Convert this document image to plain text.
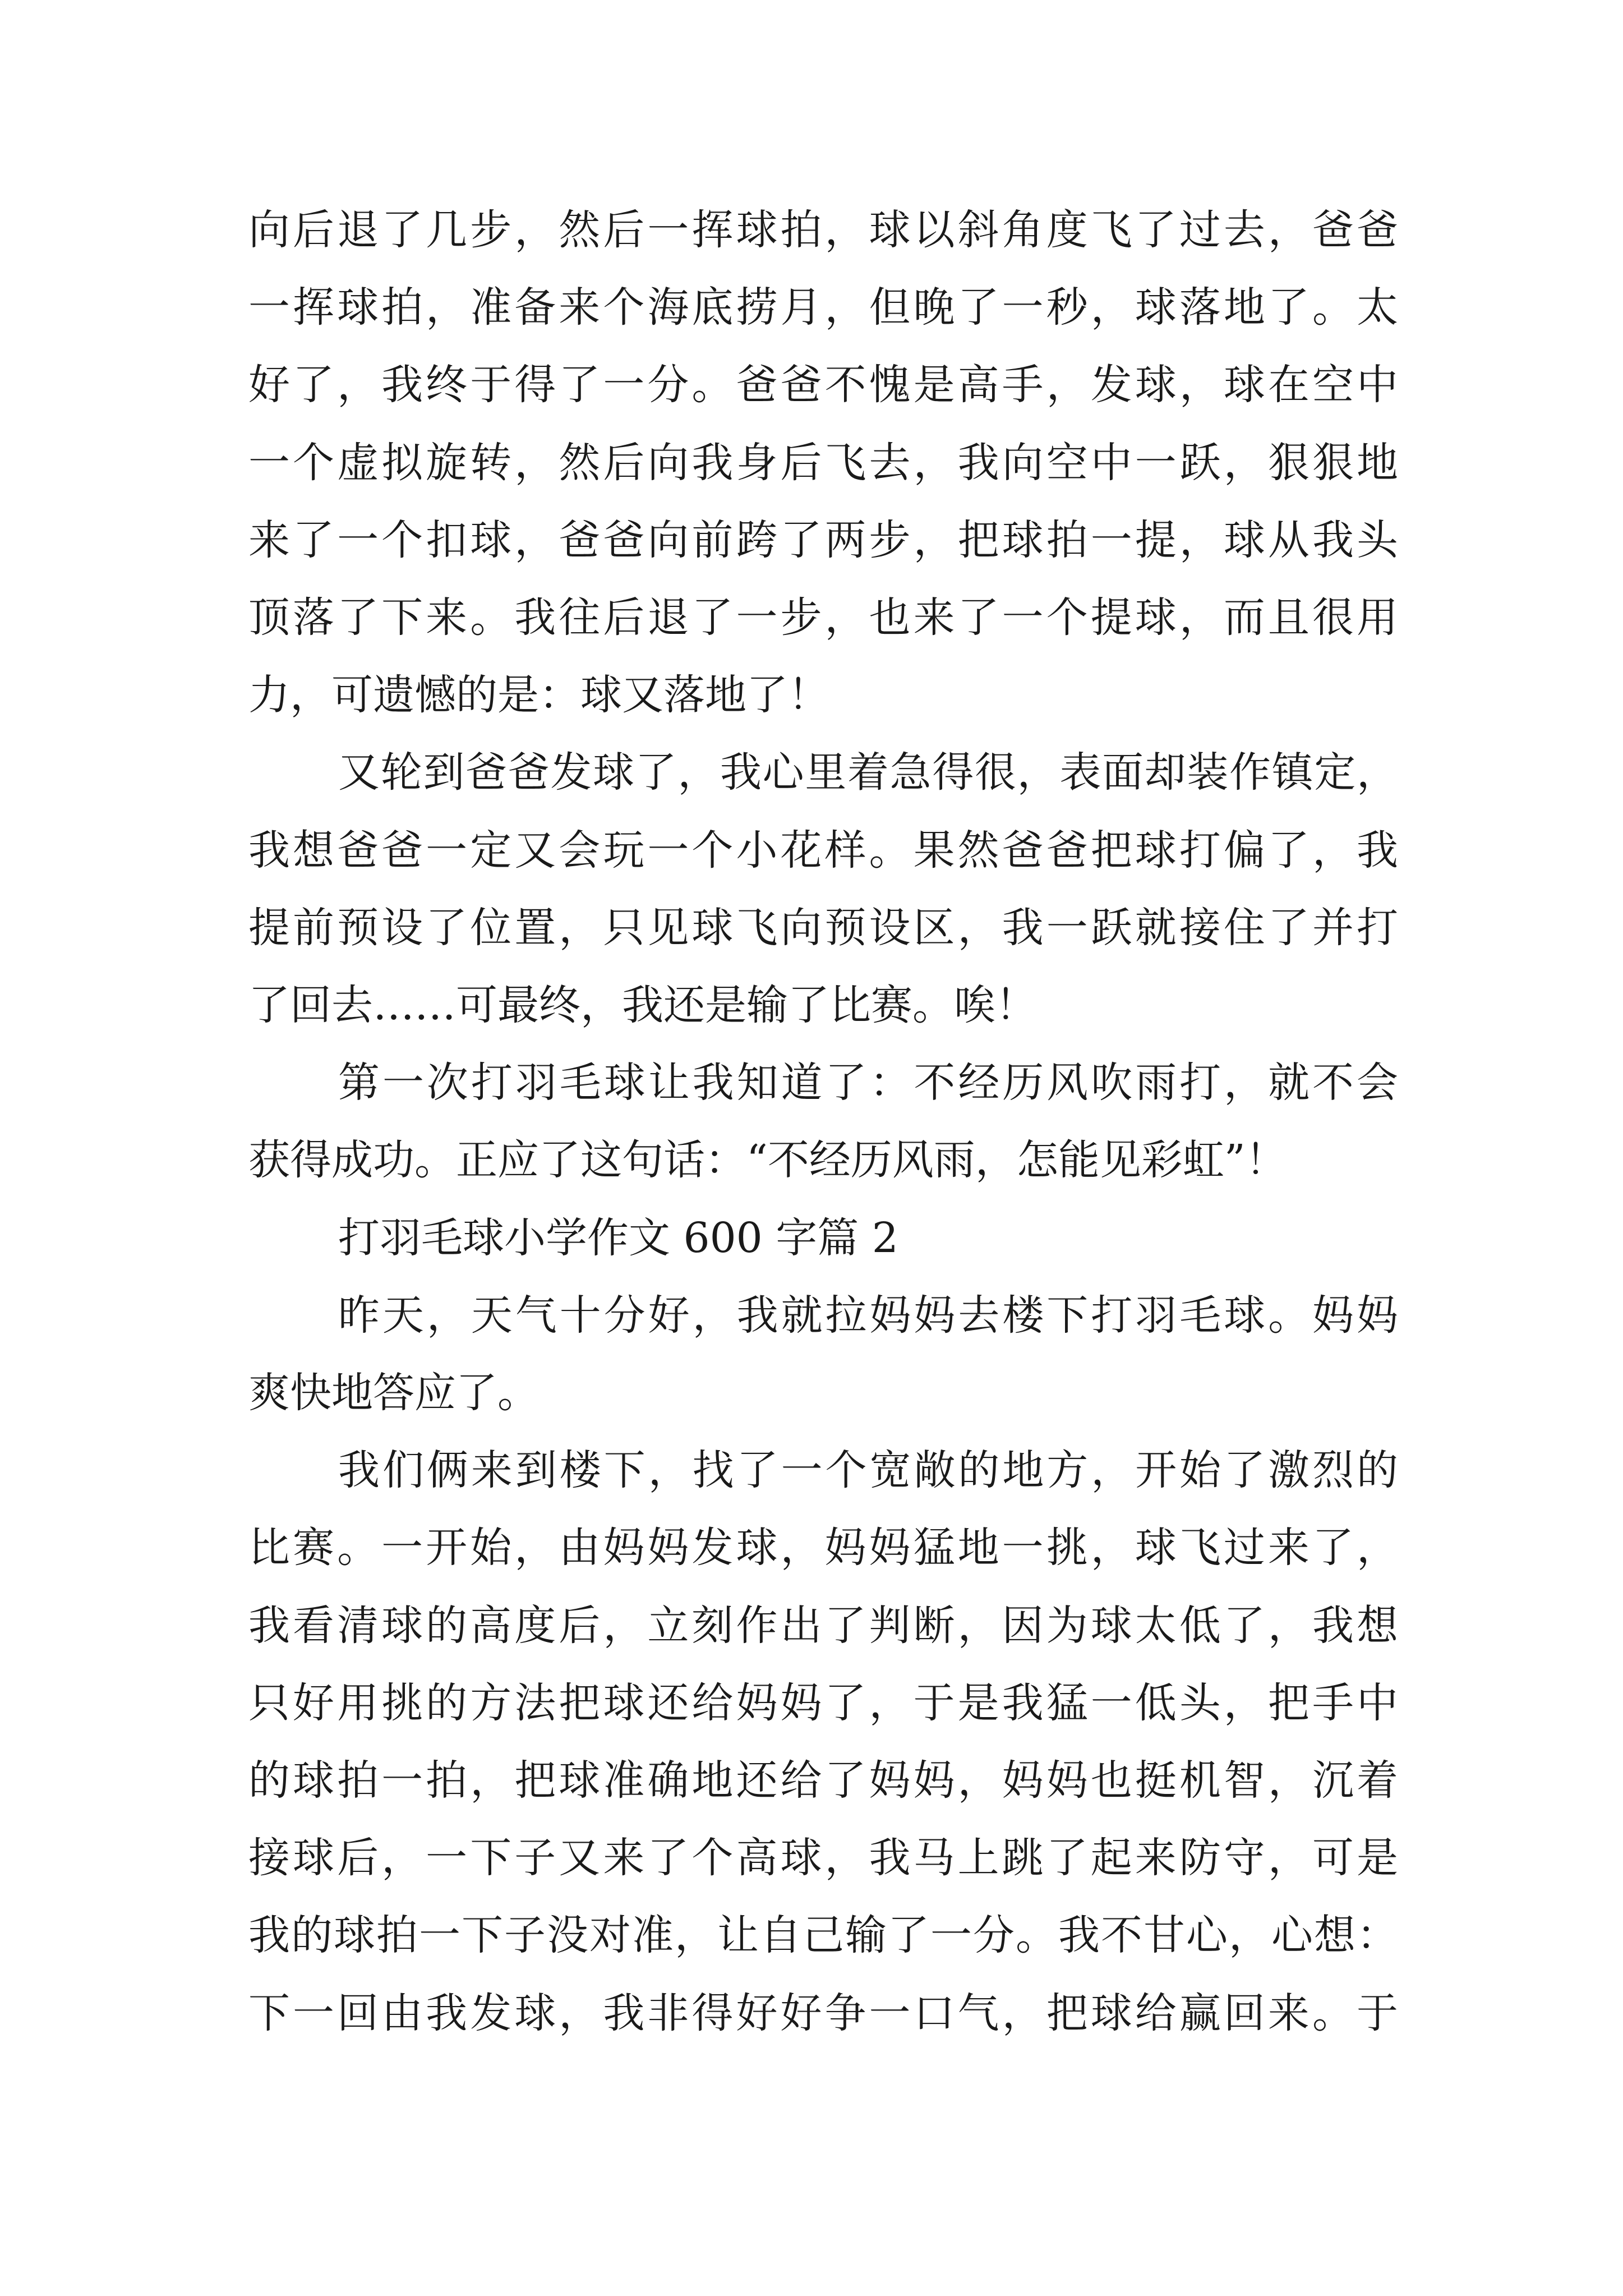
向后退了几步，然后一挥球拍，球以斜角度飞了过去，爸爸

一挥球拍，准备来个海底捞月，但晚了一秒，球落地了。太

好了，我终于得了一分。爸爸不愧是高手，发球，球在空中

一个虚拟旋转，然后向我身后飞去，我向空中一跃，狠狠地

来了一个扣球，爸爸向前跨了两步，把球拍一提，球从我头

顶落了下来。我往后退了一步，也来了一个提球，而且很用

力，可遗憾的是：球又落地了！

又轮到爸爸发球了，我心里着急得很，表面却装作镇定，

我想爸爸一定又会玩一个小花样。果然爸爸把球打偏了，我

提前预设了位置，只见球飞向预设区，我一跃就接住了并打

了回去……可最终，我还是输了比赛。唉！

第一次打羽毛球让我知道了：不经历风吹雨打，就不会

获得成功。正应了这句话：“不经历风雨，怎能见彩虹”！

打羽毛球小学作文 600 字篇 2

昨天，天气十分好，我就拉妈妈去楼下打羽毛球。妈妈

爽快地答应了。

我们俩来到楼下，找了一个宽敞的地方，开始了激烈的

比赛。一开始，由妈妈发球，妈妈猛地一挑，球飞过来了，

我看清球的高度后，立刻作出了判断，因为球太低了，我想

只好用挑的方法把球还给妈妈了，于是我猛一低头，把手中

的球拍一拍，把球准确地还给了妈妈，妈妈也挺机智，沉着

接球后，一下子又来了个高球，我马上跳了起来防守，可是

我的球拍一下子没对准，让自己输了一分。我不甘心，心想：

下一回由我发球，我非得好好争一口气，把球给赢回来。于
